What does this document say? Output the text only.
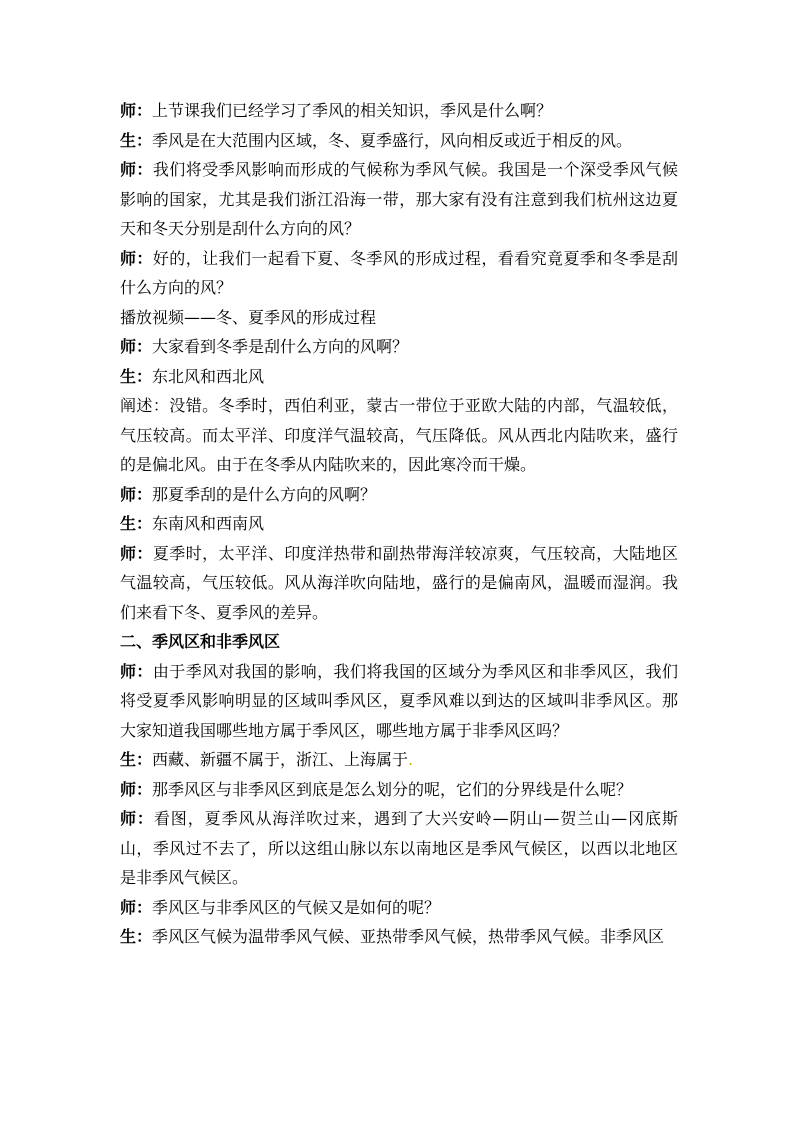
师：上节课我们已经学习了季风的相关知识，季风是什么啊？

生：季风是在大范围内区域，冬、夏季盛行，风向相反或近于相反的风。

师：我们将受季风影响而形成的气候称为季风气候。我国是一个深受季风气候影响的国家，尤其是我们浙江沿海一带，那大家有没有注意到我们杭州这边夏天和冬天分别是刮什么方向的风？

师：好的，让我们一起看下夏、冬季风的形成过程，看看究竟夏季和冬季是刮什么方向的风？

播放视频——冬、夏季风的形成过程

师：大家看到冬季是刮什么方向的风啊？

生：东北风和西北风

阐述：没错。冬季时，西伯利亚，蒙古一带位于亚欧大陆的内部，气温较低，气压较高。而太平洋、印度洋气温较高，气压降低。风从西北内陆吹来，盛行的是偏北风。由于在冬季从内陆吹来的，因此寒冷而干燥。

师：那夏季刮的是什么方向的风啊？

生：东南风和西南风

师：夏季时，太平洋、印度洋热带和副热带海洋较凉爽，气压较高，大陆地区气温较高，气压较低。风从海洋吹向陆地，盛行的是偏南风，温暖而湿润。我们来看下冬、夏季风的差异。

二、季风区和非季风区

师：由于季风对我国的影响，我们将我国的区域分为季风区和非季风区，我们将受夏季风影响明显的区域叫季风区，夏季风难以到达的区域叫非季风区。那大家知道我国哪些地方属于季风区，哪些地方属于非季风区吗？

生：西藏、新疆不属于，浙江、上海属于.

师：那季风区与非季风区到底是怎么划分的呢，它们的分界线是什么呢？

师：看图，夏季风从海洋吹过来，遇到了大兴安岭—阴山—贺兰山—冈底斯山，季风过不去了，所以这组山脉以东以南地区是季风气候区，以西以北地区是非季风气候区。

师：季风区与非季风区的气候又是如何的呢？

生：季风区气候为温带季风气候、亚热带季风气候，热带季风气候。非季风区
